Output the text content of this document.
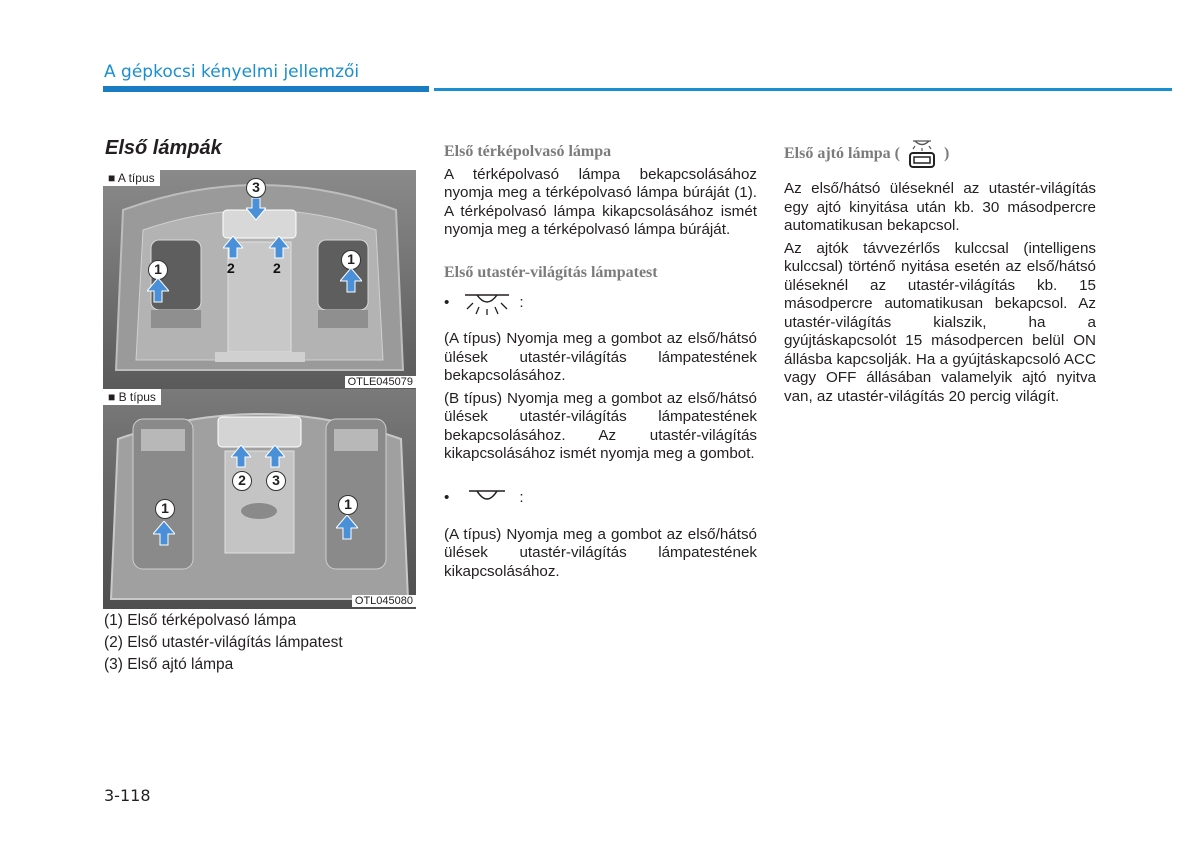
A gépkocsi kényelmi jellemzői
Első lámpák
■ A típus
OTLE045079
3
2	2
1
1
■ B típus
OTL045080
2	3
1	1
(1) Első térképolvasó lámpa
(2) Első utastér-világítás lámpatest
(3) Első ajtó lámpa
Első térképolvasó lámpa

A térképolvasó lámpa bekapcsolásához nyomja meg a térképolvasó lámpa búráját (1). A térképolvasó lámpa kikapcsolásához ismét nyomja meg a térképolvasó lámpa búráját.

Első utastér-világítás lámpatest
•	:

(A típus) Nyomja meg a gombot az első/hátsó ülések utastér-világítás lámpatestének bekapcsolásához.

(B típus) Nyomja meg a gombot az első/hátsó ülések utastér-világítás lámpatestének bekapcsolásához. Az utastér-világítás kikapcsolásához ismét nyomja meg a gombot.

•	:

(A típus) Nyomja meg a gombot az első/hátsó ülések utastér-világítás lámpatestének kikapcsolásához.

Első ajtó lámpa (	)

Az első/hátsó üléseknél az utastér-világítás egy ajtó kinyitása után kb. 30 másodpercre automatikusan bekapcsol.

Az ajtók távvezérlős kulccsal (intelligens kulccsal) történő nyitása esetén az első/hátsó üléseknél az utastér-világítás kb. 15 másodpercre automatikusan bekapcsol. Az utastér-világítás kialszik, ha a gyújtáskapcsolót 15 másodpercen belül ON állásba kapcsolják. Ha a gyújtáskapcsoló ACC vagy OFF állásában valamelyik ajtó nyitva van, az utastér-világítás 20 percig világít.

3-118
